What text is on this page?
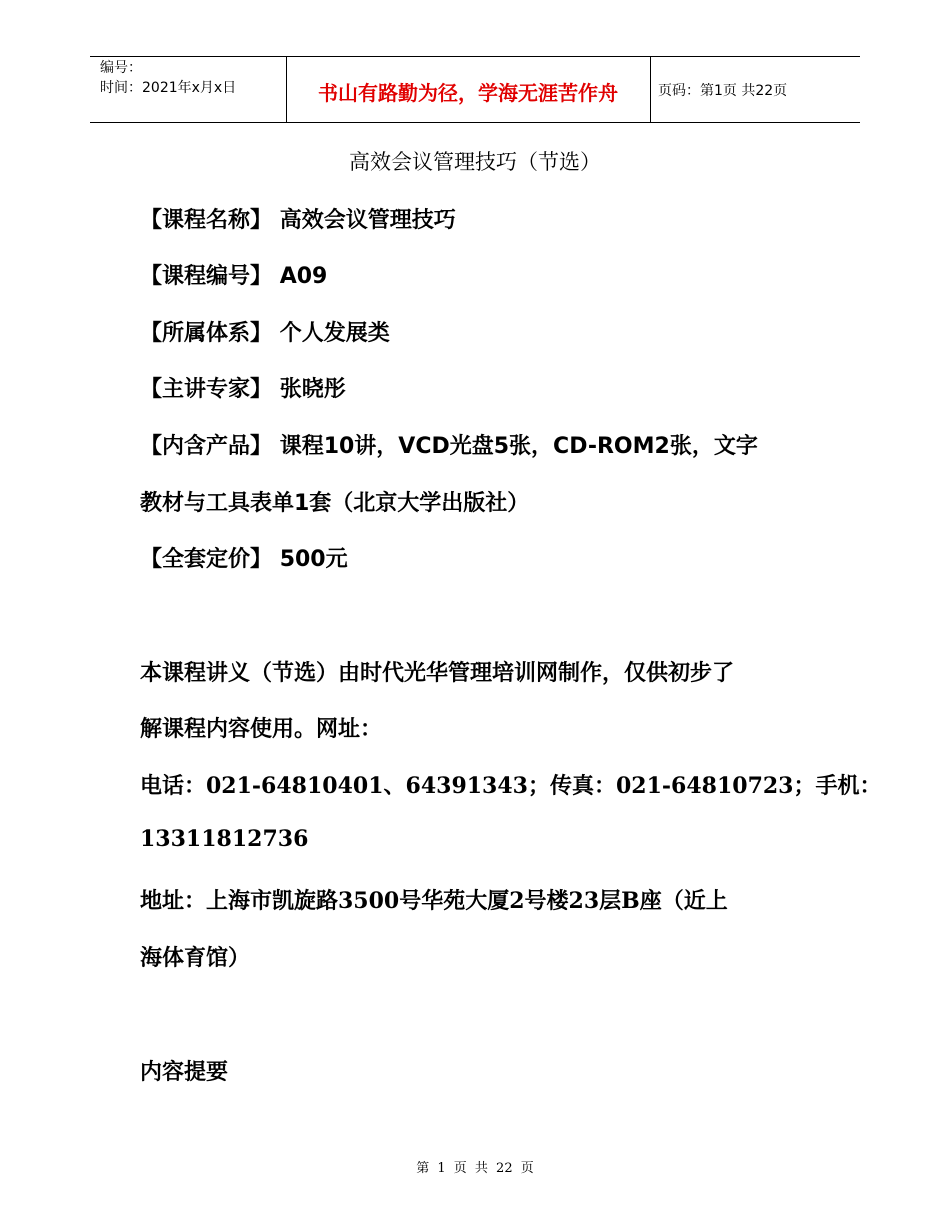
编号：
时间：2021年x月x日	书山有路勤为径，学海无涯苦作舟	页码：第1页 共22页
高效会议管理技巧（节选）
【课程名称】 高效会议管理技巧
【课程编号】 A09
【所属体系】 个人发展类
【主讲专家】 张晓彤
【内含产品】 课程10讲，VCD光盘5张，CD-ROM2张，文字
教材与工具表单1套（北京大学出版社）
【全套定价】 500元
本课程讲义（节选）由时代光华管理培训网制作，仅供初步了
解课程内容使用。网址：
电话：021-64810401、64391343；传真：021-64810723；手机：
13311812736
地址：上海市凯旋路3500号华苑大厦2号楼23层B座（近上
海体育馆）
内容提要
第 1 页 共 22 页
